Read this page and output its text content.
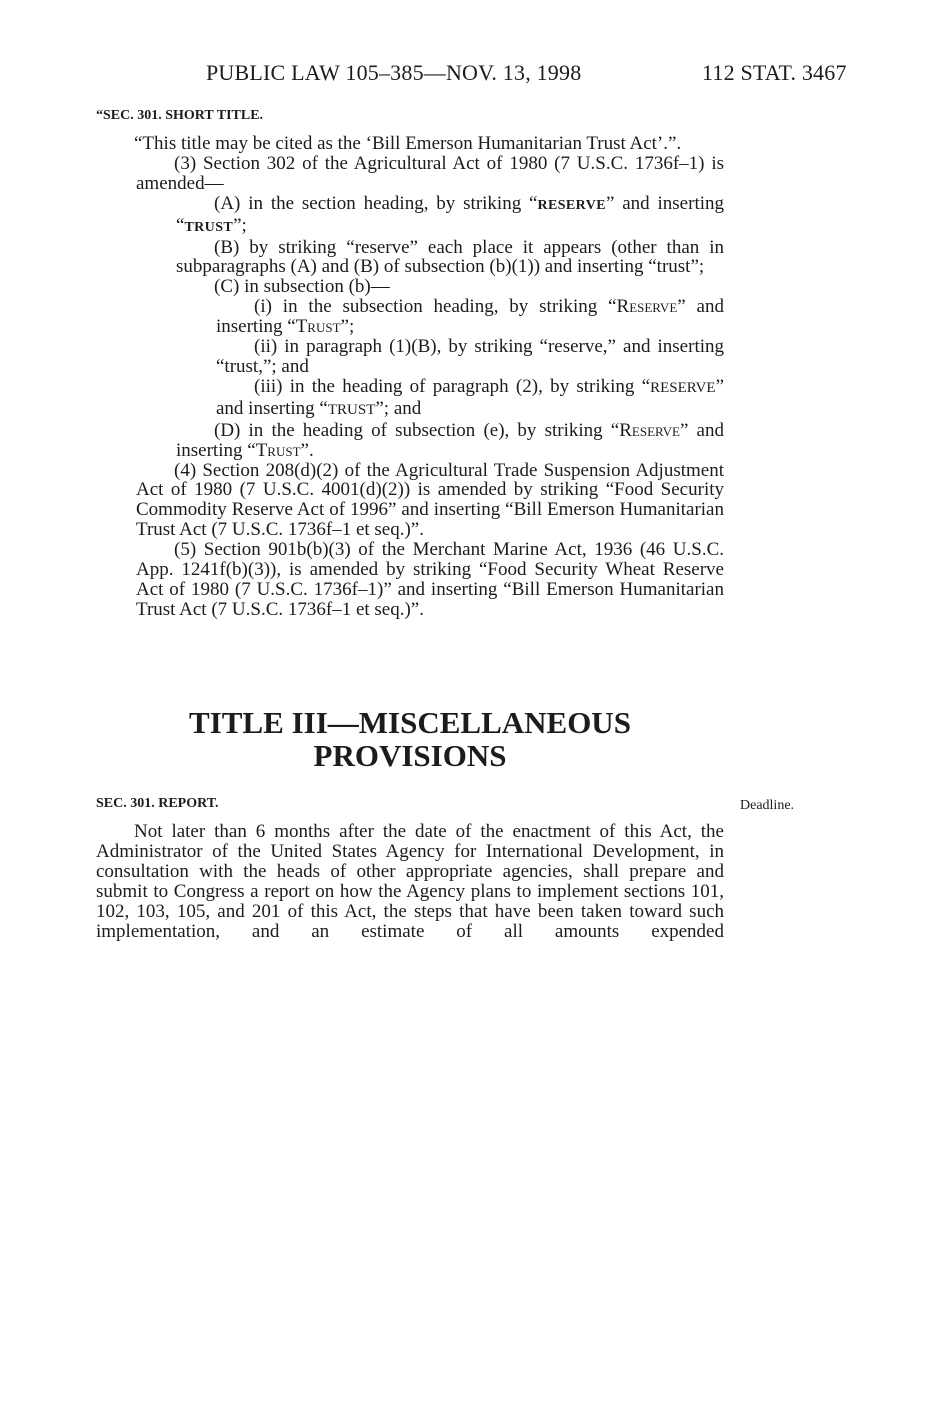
PUBLIC LAW 105–385—NOV. 13, 1998	112 STAT. 3467
“SEC. 301. SHORT TITLE.

“This title may be cited as the ‘Bill Emerson Humanitarian Trust Act’.”.

(3) Section 302 of the Agricultural Act of 1980 (7 U.S.C. 1736f–1) is amended—

(A) in the section heading, by striking “RESERVE” and inserting “TRUST”;

(B) by striking “reserve” each place it appears (other than in subparagraphs (A) and (B) of subsection (b)(1)) and inserting “trust”;

(C) in subsection (b)—

(i) in the subsection heading, by striking “Reserve” and inserting “Trust”;

(ii) in paragraph (1)(B), by striking “reserve,” and inserting “trust,”; and

(iii) in the heading of paragraph (2), by striking “RESERVE” and inserting “TRUST”; and

(D) in the heading of subsection (e), by striking “Reserve” and inserting “Trust”.

(4) Section 208(d)(2) of the Agricultural Trade Suspension Adjustment Act of 1980 (7 U.S.C. 4001(d)(2)) is amended by striking “Food Security Commodity Reserve Act of 1996” and inserting “Bill Emerson Humanitarian Trust Act (7 U.S.C. 1736f–1 et seq.)”.

(5) Section 901b(b)(3) of the Merchant Marine Act, 1936 (46 U.S.C. App. 1241f(b)(3)), is amended by striking “Food Security Wheat Reserve Act of 1980 (7 U.S.C. 1736f–1)” and inserting “Bill Emerson Humanitarian Trust Act (7 U.S.C. 1736f–1 et seq.)”.

TITLE III—MISCELLANEOUS
PROVISIONS
SEC. 301. REPORT.	Deadline.

Not later than 6 months after the date of the enactment of this Act, the Administrator of the United States Agency for International Development, in consultation with the heads of other appropriate agencies, shall prepare and submit to Congress a report on how the Agency plans to implement sections 101, 102, 103, 105, and 201 of this Act, the steps that have been taken toward such implementation, and an estimate of all amounts expended
